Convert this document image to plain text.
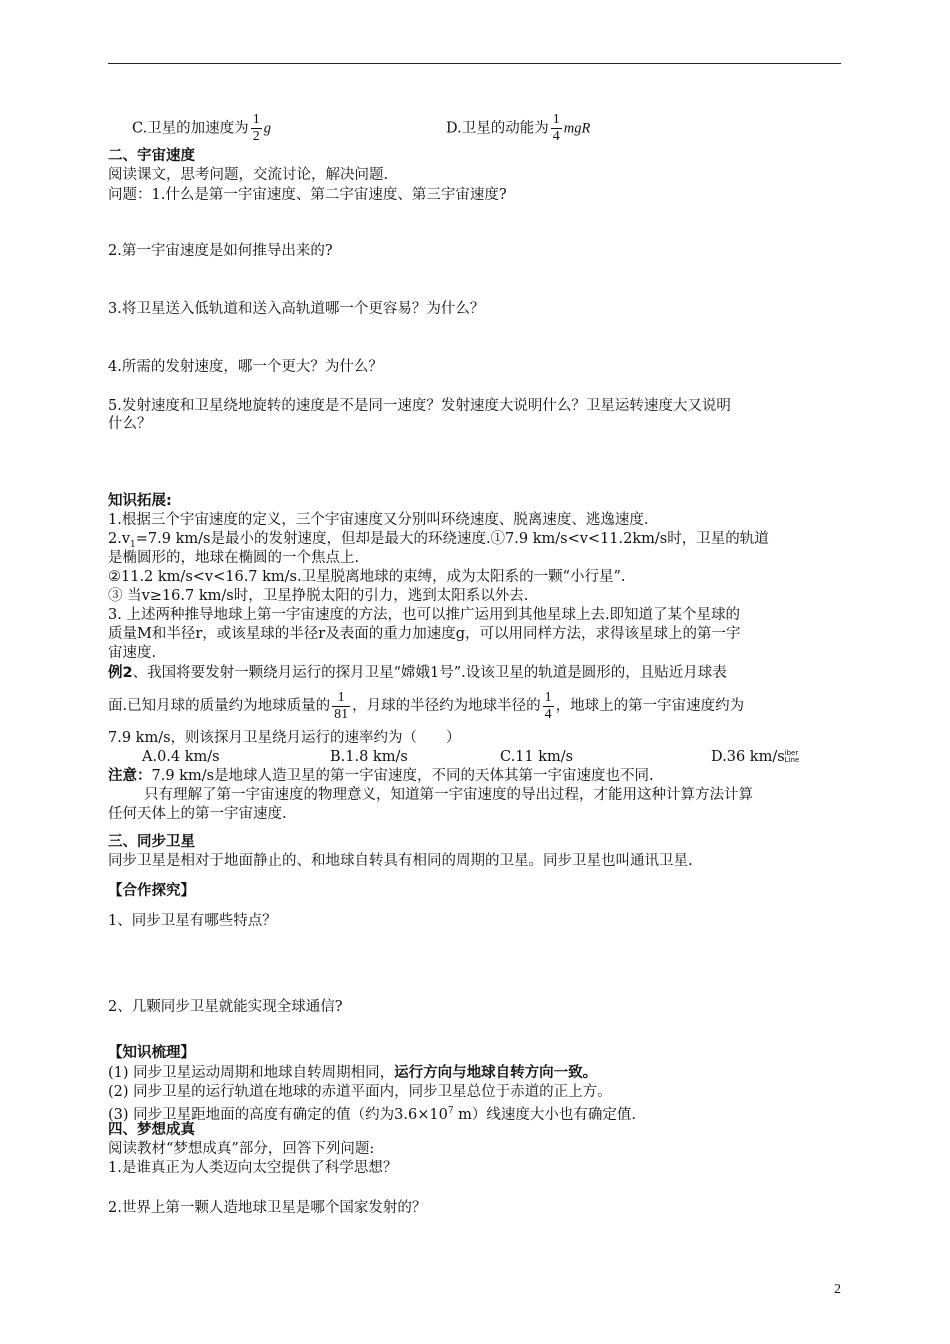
C.卫星的加速度为 $\frac{1}{2}$ g	D.卫星的动能为 $\frac{1}{4}$ mgR
二、宇宙速度
阅读课文，思考问题，交流讨论，解决问题.
问题：1.什么是第一宇宙速度、第二宇宙速度、第三宇宙速度?
2.第一宇宙速度是如何推导出来的?
3.将卫星送入低轨道和送入高轨道哪一个更容易？为什么？
4.所需的发射速度，哪一个更大？为什么？
5.发射速度和卫星绕地旋转的速度是不是同一速度？发射速度大说明什么？卫星运转速度大又说明
什么？
知识拓展:
1.根据三个宇宙速度的定义，三个宇宙速度又分别叫环绕速度、脱离速度、逃逸速度.
$2.v_1=7.9$ km/s是最小的发射速度，但却是最大的环绕速度.①7.9 km/s<v<11.2km/s时，卫星的轨道
是椭圆形的，地球在椭圆的一个焦点上.
②11.2 km/s<v<16.7 km/s.卫星脱离地球的束缚，成为太阳系的一颗“小行星”.
③ 当v≥16.7 km/s时，卫星挣脱太阳的引力，逃到太阳系以外去.
3. 上述两种推导地球上第一宇宙速度的方法，也可以推广运用到其他星球上去.即知道了某个星球的
质量M和半径r，或该星球的半径r及表面的重力加速度g，可以用同样方法，求得该星球上的第一宇
宙速度.
例2、我国将要发射一颗绕月运行的探月卫星“嫦娥1号”.设该卫星的轨道是圆形的，且贴近月球表
面.已知月球的质量约为地球质量的 $\frac{1}{81}$ ，月球的半径约为地球半径的 $\frac{1}{4}$ ，地球上的第一宇宙速度约为
7.9 km/s，则该探月卫星绕月运行的速率约为（　　）
A.0.4 km/s	B.1.8 km/s	C.11 km/s	D.36 km/s iber
Line
注意：7.9 km/s是地球人造卫星的第一宇宙速度，不同的天体其第一宇宙速度也不同.
只有理解了第一宇宙速度的物理意义，知道第一宇宙速度的导出过程，才能用这种计算方法计算
任何天体上的第一宇宙速度.
三、同步卫星
同步卫星是相对于地面静止的、和地球自转具有相同的周期的卫星。同步卫星也叫通讯卫星.
【合作探究】
1、同步卫星有哪些特点？
2、几颗同步卫星就能实现全球通信?
【知识梳理】
(1) 同步卫星运动周期和地球自转周期相同，运行方向与地球自转方向一致。
(2) 同步卫星的运行轨道在地球的赤道平面内，同步卫星总位于赤道的正上方。
(3) 同步卫星距地面的高度有确定的值（约为$3.6\times 10^7$ m）线速度大小也有确定值.
四、梦想成真
阅读教材“梦想成真”部分，回答下列问题:
1.是谁真正为人类迈向太空提供了科学思想？
2.世界上第一颗人造地球卫星是哪个国家发射的？
2
